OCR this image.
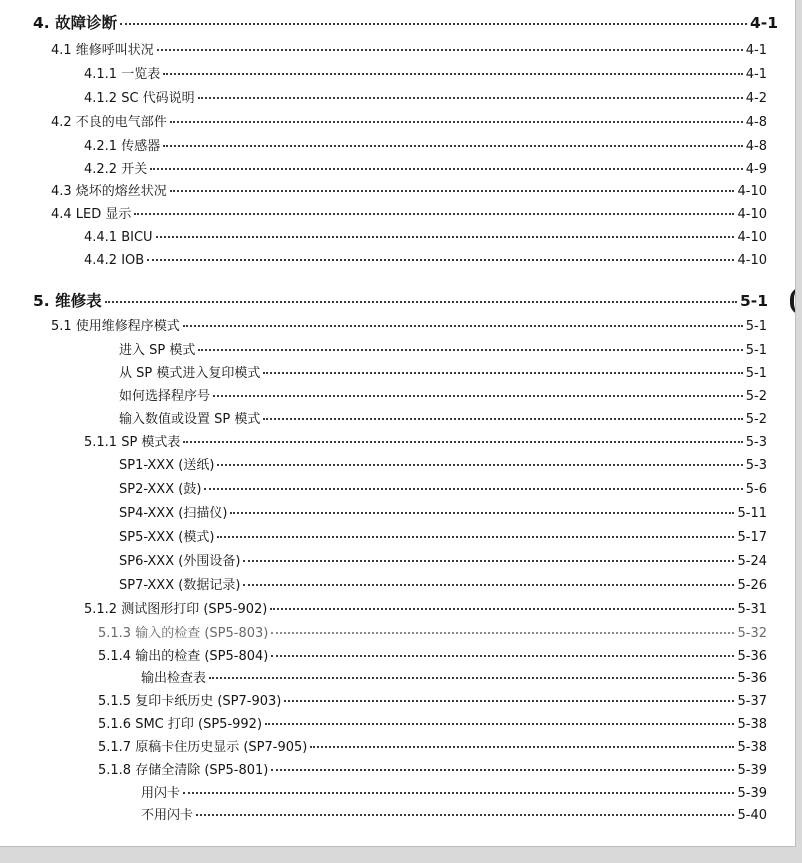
4. 故障诊断	4-1
4.1 维修呼叫状况	4-1
4.1.1 一览表	4-1
4.1.2 SC 代码说明	4-2
4.2 不良的电气部件	4-8
4.2.1 传感器	4-8
4.2.2 开关	4-9
4.3 烧坏的熔丝状况	4-10
4.4 LED 显示	4-10
4.4.1 BICU	4-10
4.4.2 IOB	4-10
5. 维修表	5-1
5.1 使用维修程序模式	5-1
进入 SP 模式	5-1
从 SP 模式进入复印模式	5-1
如何选择程序号	5-2
输入数值或设置 SP 模式	5-2
5.1.1 SP 模式表	5-3
SP1-XXX (送纸)	5-3
SP2-XXX (鼓)	5-6
SP4-XXX (扫描仪)	5-11
SP5-XXX (模式)	5-17
SP6-XXX (外围设备)	5-24
SP7-XXX (数据记录)	5-26
5.1.2 测试图形打印 (SP5-902)	5-31
5.1.3 输入的检查 (SP5-803)	5-32
5.1.4 输出的检查 (SP5-804)	5-36
输出检查表	5-36
5.1.5 复印卡纸历史 (SP7-903)	5-37
5.1.6 SMC 打印 (SP5-992)	5-38
5.1.7 原稿卡住历史显示 (SP7-905)	5-38
5.1.8 存储全清除 (SP5-801)	5-39
用闪卡	5-39
不用闪卡	5-40
